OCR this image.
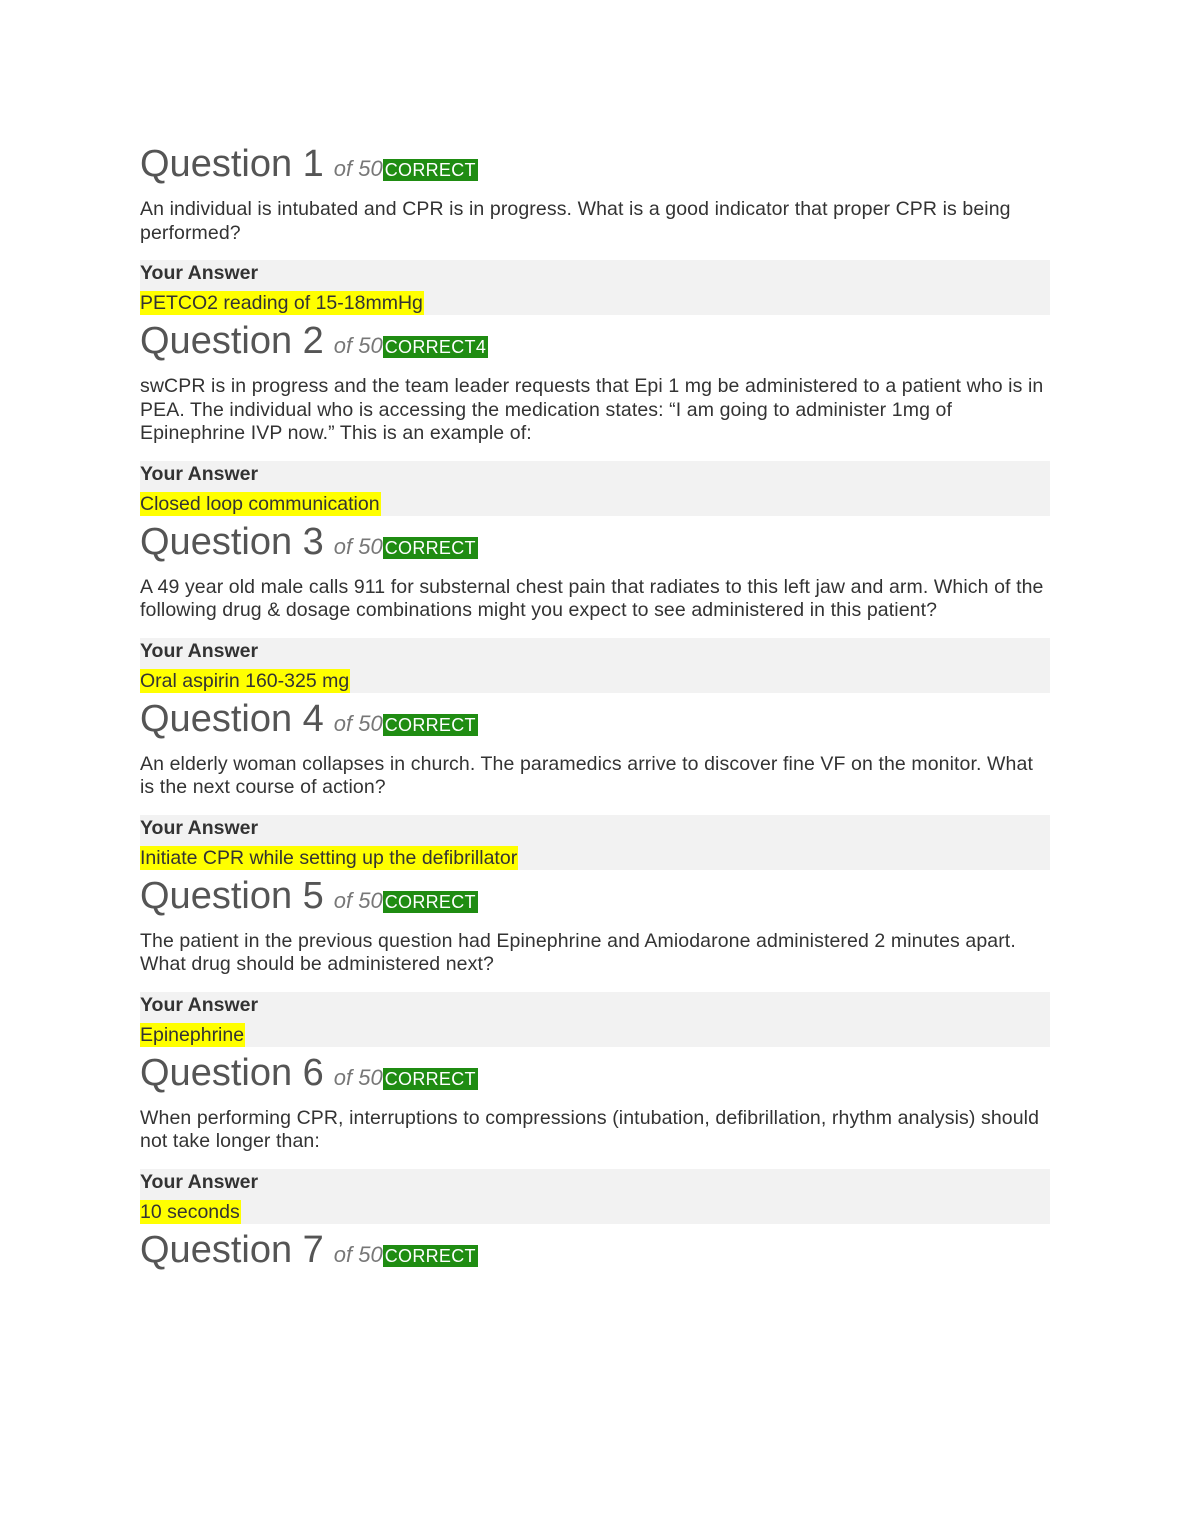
Question 1 of 50 CORRECT

An individual is intubated and CPR is in progress. What is a good indicator that proper CPR is being performed?

Your Answer
PETCO2 reading of 15-18mmHg
Question 2 of 50 CORRECT4

swCPR is in progress and the team leader requests that Epi 1 mg be administered to a patient who is in PEA. The individual who is accessing the medication states: “I am going to administer 1mg of Epinephrine IVP now.” This is an example of:

Your Answer
Closed loop communication
Question 3 of 50 CORRECT

A 49 year old male calls 911 for substernal chest pain that radiates to this left jaw and arm. Which of the following drug & dosage combinations might you expect to see administered in this patient?

Your Answer
Oral aspirin 160-325 mg
Question 4 of 50 CORRECT

An elderly woman collapses in church. The paramedics arrive to discover fine VF on the monitor. What is the next course of action?

Your Answer
Initiate CPR while setting up the defibrillator
Question 5 of 50 CORRECT

The patient in the previous question had Epinephrine and Amiodarone administered 2 minutes apart. What drug should be administered next?

Your Answer
Epinephrine
Question 6 of 50 CORRECT

When performing CPR, interruptions to compressions (intubation, defibrillation, rhythm analysis) should not take longer than:

Your Answer
10 seconds
Question 7 of 50 CORRECT
